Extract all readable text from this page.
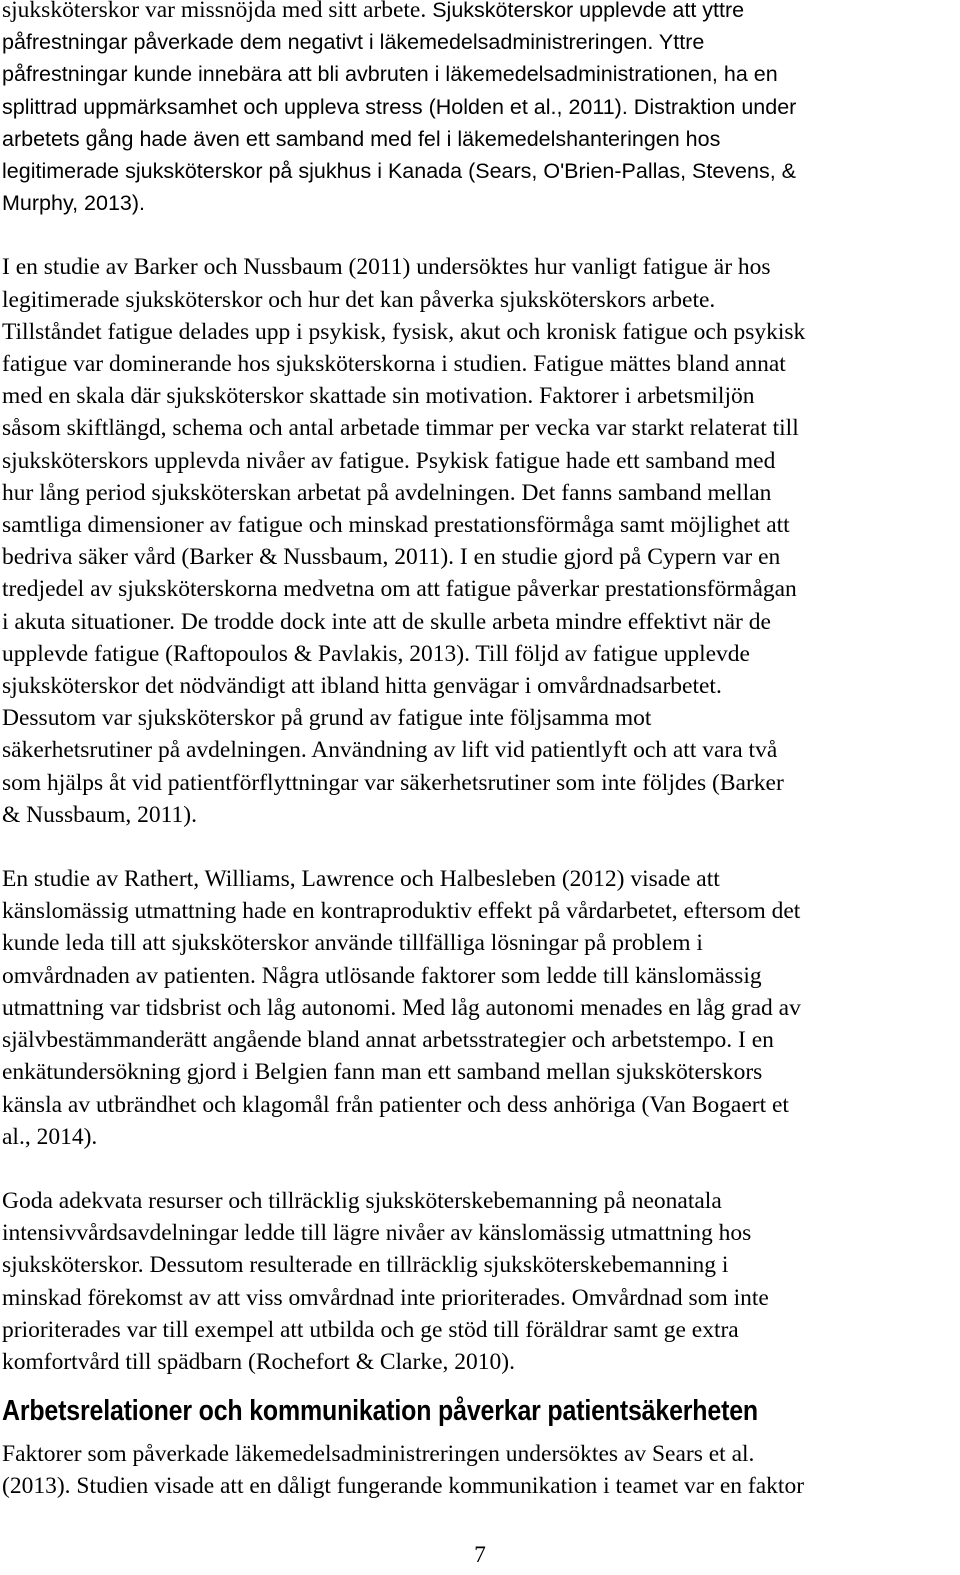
sjuksköterskor var missnöjda med sitt arbete. Sjuksköterskor upplevde att yttre
påfrestningar påverkade dem negativt i läkemedelsadministreringen. Yttre
påfrestningar kunde innebära att bli avbruten i läkemedelsadministrationen, ha en
splittrad uppmärksamhet och uppleva stress (Holden et al., 2011). Distraktion under
arbetets gång hade även ett samband med fel i läkemedelshanteringen hos
legitimerade sjuksköterskor på sjukhus i Kanada (Sears, O'Brien-Pallas, Stevens, &
Murphy, 2013).
I en studie av Barker och Nussbaum (2011) undersöktes hur vanligt fatigue är hos
legitimerade sjuksköterskor och hur det kan påverka sjuksköterskors arbete.
Tillståndet fatigue delades upp i psykisk, fysisk, akut och kronisk fatigue och psykisk
fatigue var dominerande hos sjuksköterskorna i studien. Fatigue mättes bland annat
med en skala där sjuksköterskor skattade sin motivation. Faktorer i arbetsmiljön
såsom skiftlängd, schema och antal arbetade timmar per vecka var starkt relaterat till
sjuksköterskors upplevda nivåer av fatigue. Psykisk fatigue hade ett samband med
hur lång period sjuksköterskan arbetat på avdelningen. Det fanns samband mellan
samtliga dimensioner av fatigue och minskad prestationsförmåga samt möjlighet att
bedriva säker vård (Barker & Nussbaum, 2011). I en studie gjord på Cypern var en
tredjedel av sjuksköterskorna medvetna om att fatigue påverkar prestationsförmågan
i akuta situationer. De trodde dock inte att de skulle arbeta mindre effektivt när de
upplevde fatigue (Raftopoulos & Pavlakis, 2013). Till följd av fatigue upplevde
sjuksköterskor det nödvändigt att ibland hitta genvägar i omvårdnadsarbetet.
Dessutom var sjuksköterskor på grund av fatigue inte följsamma mot
säkerhetsrutiner på avdelningen. Användning av lift vid patientlyft och att vara två
som hjälps åt vid patientförflyttningar var säkerhetsrutiner som inte följdes (Barker
& Nussbaum, 2011).
En studie av Rathert, Williams, Lawrence och Halbesleben (2012) visade att
känslomässig utmattning hade en kontraproduktiv effekt på vårdarbetet, eftersom det
kunde leda till att sjuksköterskor använde tillfälliga lösningar på problem i
omvårdnaden av patienten. Några utlösande faktorer som ledde till känslomässig
utmattning var tidsbrist och låg autonomi. Med låg autonomi menades en låg grad av
självbestämmanderätt angående bland annat arbetsstrategier och arbetstempo. I en
enkätundersökning gjord i Belgien fann man ett samband mellan sjuksköterskors
känsla av utbrändhet och klagomål från patienter och dess anhöriga (Van Bogaert et
al., 2014).
Goda adekvata resurser och tillräcklig sjuksköterskebemanning på neonatala
intensivvårdsavdelningar ledde till lägre nivåer av känslomässig utmattning hos
sjuksköterskor. Dessutom resulterade en tillräcklig sjuksköterskebemanning i
minskad förekomst av att viss omvårdnad inte prioriterades. Omvårdnad som inte
prioriterades var till exempel att utbilda och ge stöd till föräldrar samt ge extra
komfortvård till spädbarn (Rochefort & Clarke, 2010).
Arbetsrelationer och kommunikation påverkar patientsäkerheten
Faktorer som påverkade läkemedelsadministreringen undersöktes av Sears et al.
(2013). Studien visade att en dåligt fungerande kommunikation i teamet var en faktor
7
